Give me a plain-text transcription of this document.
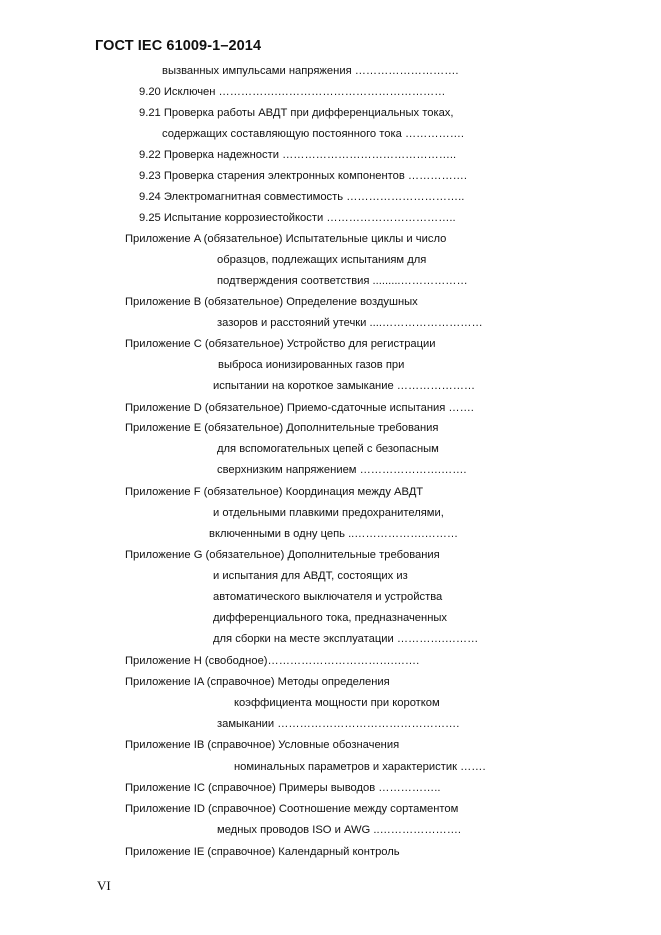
ГОСТ IEC 61009-1–2014
вызванных импульсами напряжения ……………………….
9.20 Исключен …………….………………………………………
9.21 Проверка работы АВДТ при дифференциальных токах,
содержащих составляющую постоянного тока …………….
9.22 Проверка надежности ………………………………………..
9.23 Проверка старения электронных компонентов …………….
9.24 Электромагнитная совместимость …………………………..
9.25 Испытание коррозиестойкости ……………………………..
Приложение A (обязательное) Испытательные циклы и число
образцов, подлежащих испытаниям для
подтверждения соответствия .........………………
Приложение B (обязательное) Определение воздушных
зазоров и расстояний утечки ....………………………
Приложение C (обязательное) Устройство для регистрации
выброса ионизированных газов при
испытании на короткое замыкание …………………
Приложение D (обязательное) Приемо-сдаточные испытания …….
Приложение E (обязательное) Дополнительные требования
для вспомогательных цепей с безопасным
сверхнизким напряжением ………………….…….
Приложение F (обязательное) Координация между АВДТ
и отдельными плавкими предохранителями,
включенными в одну цепь ..……………….………
Приложение G (обязательное) Дополнительные требования
и испытания для АВДТ, состоящих из
автоматического выключателя и устройства
дифференциального тока, предназначенных
для сборки на месте эксплуатации ………….………
Приложение H (свободное)…………………………….…….
Приложение IA (справочное) Методы определения
коэффициента мощности при коротком
замыкании ………………………………………….
Приложение IB (справочное) Условные обозначения
номинальных параметров и характеристик …….
Приложение IC (справочное) Примеры выводов ……………..
Приложение ID (справочное) Соотношение между сортаментом
медных проводов ISO и AWG ..………………….
Приложение IE (справочное) Календарный контроль
VI
